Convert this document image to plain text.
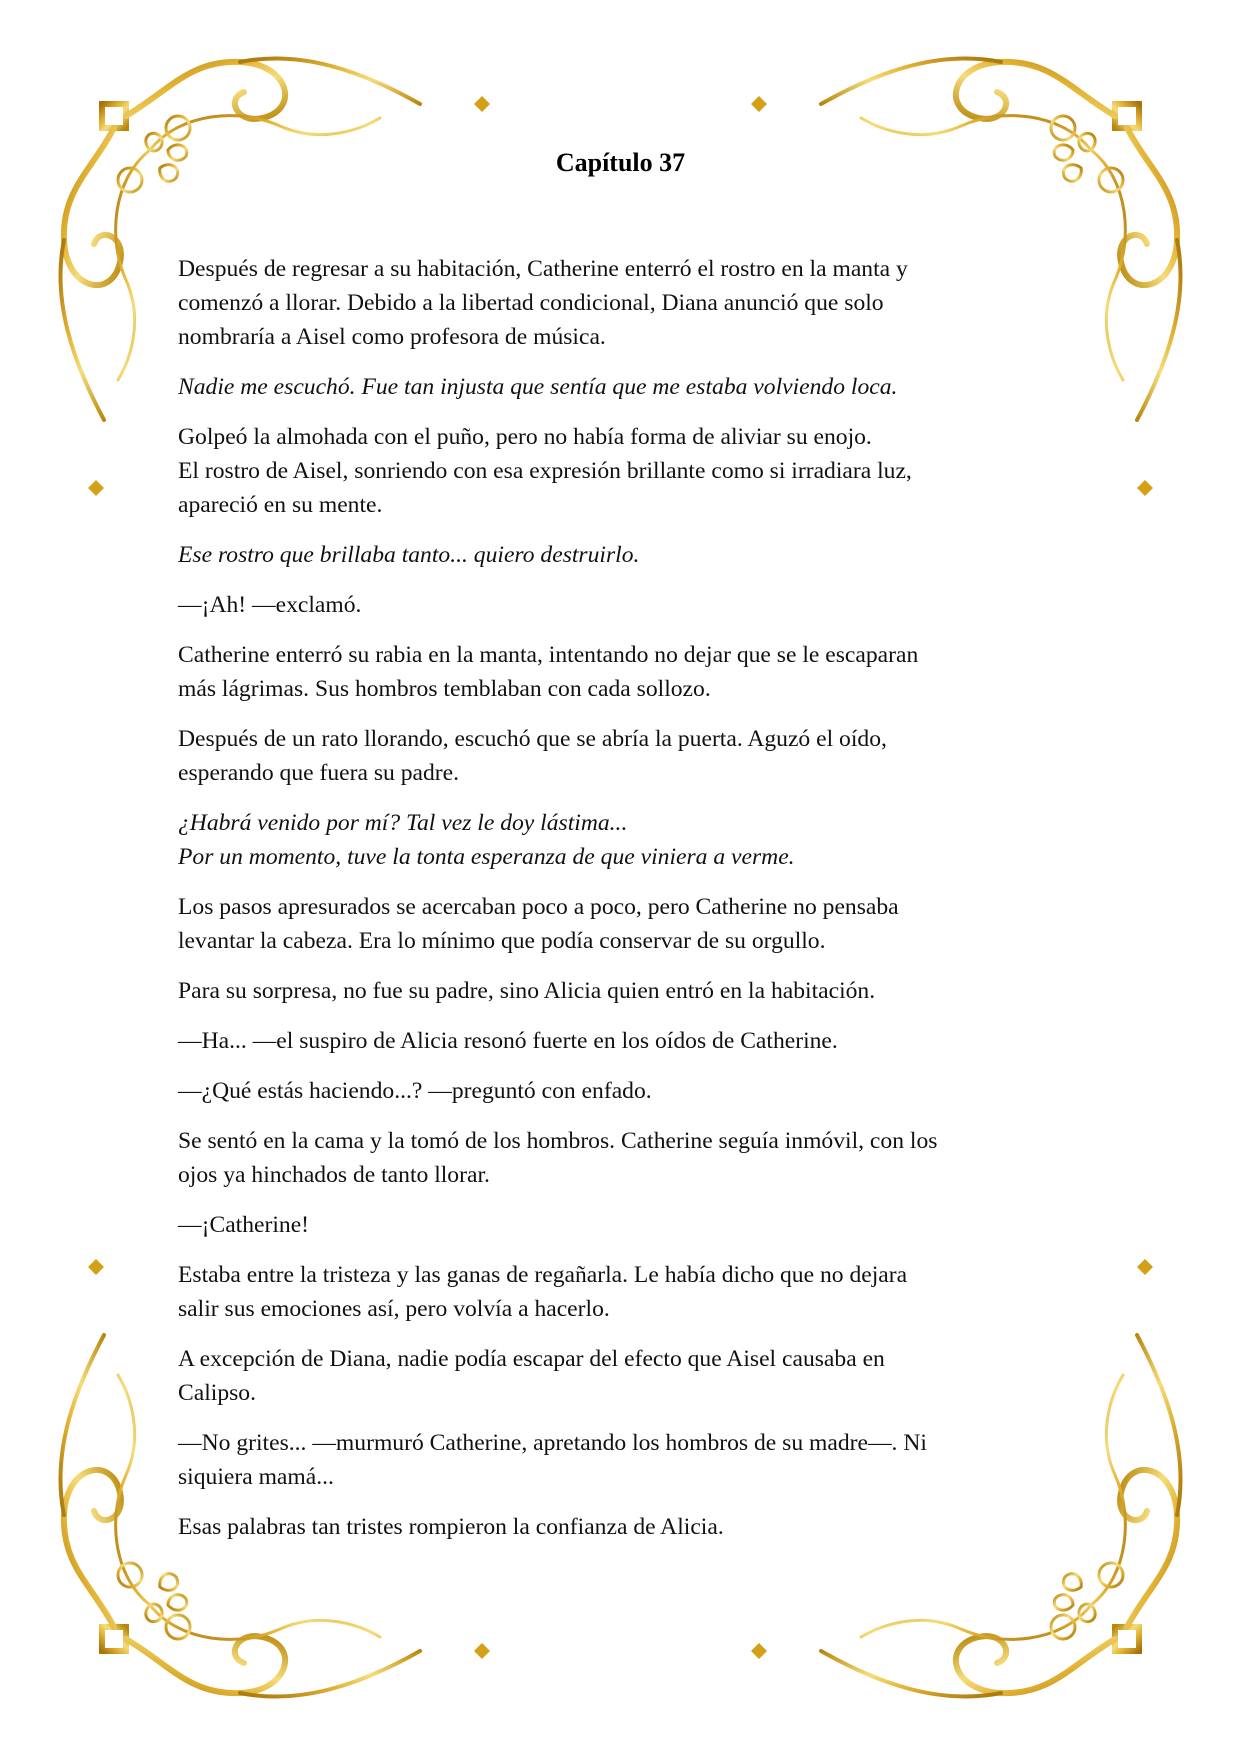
Capítulo 37

Después de regresar a su habitación, Catherine enterró el rostro en la manta y
comenzó a llorar. Debido a la libertad condicional, Diana anunció que solo
nombraría a Aisel como profesora de música.

Nadie me escuchó. Fue tan injusta que sentía que me estaba volviendo loca.

Golpeó la almohada con el puño, pero no había forma de aliviar su enojo.
El rostro de Aisel, sonriendo con esa expresión brillante como si irradiara luz,
apareció en su mente.

Ese rostro que brillaba tanto... quiero destruirlo.

—¡Ah! —exclamó.

Catherine enterró su rabia en la manta, intentando no dejar que se le escaparan
más lágrimas. Sus hombros temblaban con cada sollozo.

Después de un rato llorando, escuchó que se abría la puerta. Aguzó el oído,
esperando que fuera su padre.

¿Habrá venido por mí? Tal vez le doy lástima...
Por un momento, tuve la tonta esperanza de que viniera a verme.

Los pasos apresurados se acercaban poco a poco, pero Catherine no pensaba
levantar la cabeza. Era lo mínimo que podía conservar de su orgullo.

Para su sorpresa, no fue su padre, sino Alicia quien entró en la habitación.

—Ha... —el suspiro de Alicia resonó fuerte en los oídos de Catherine.

—¿Qué estás haciendo...? —preguntó con enfado.

Se sentó en la cama y la tomó de los hombros. Catherine seguía inmóvil, con los
ojos ya hinchados de tanto llorar.

—¡Catherine!

Estaba entre la tristeza y las ganas de regañarla. Le había dicho que no dejara
salir sus emociones así, pero volvía a hacerlo.

A excepción de Diana, nadie podía escapar del efecto que Aisel causaba en
Calipso.

—No grites... —murmuró Catherine, apretando los hombros de su madre—. Ni
siquiera mamá...

Esas palabras tan tristes rompieron la confianza de Alicia.
